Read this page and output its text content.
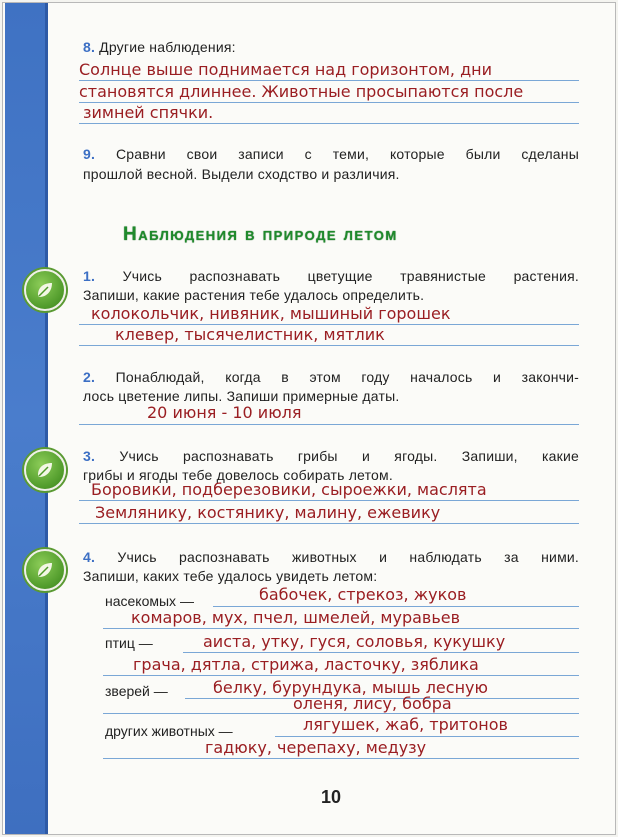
8. Другие наблюдения:
Солнце выше поднимается над горизонтом, дни
становятся длиннее. Животные просыпаются после
зимней спячки.
9. Сравни свои записи с теми, которые были сделаны
прошлой весной. Выдели сходство и различия.
Наблюдения в природе летом
1. Учись распознавать цветущие травянистые растения.
Запиши, какие растения тебе удалось определить.
колокольчик, нивяник, мышиный горошек
клевер, тысячелистник, мятлик
2. Понаблюдай, когда в этом году началось и закончи-
лось цветение липы. Запиши примерные даты.
20 июня - 10 июля
3. Учись распознавать грибы и ягоды. Запиши, какие
грибы и ягоды тебе довелось собирать летом.
Боровики, подберезовики, сыроежки, маслята
Землянику, костянику, малину, ежевику
4. Учись распознавать животных и наблюдать за ними.
Запиши, каких тебе удалось увидеть летом:
насекомых —	бабочек, стрекоз, жуков
комаров, мух, пчел, шмелей, муравьев
птиц —	аиста, утку, гуся, соловья, кукушку
грача, дятла, стрижа, ласточку, зяблика
зверей —	белку, бурундука, мышь лесную
оленя, лису, бобра
других животных —	лягушек, жаб, тритонов
гадюку, черепаху, медузу
10
